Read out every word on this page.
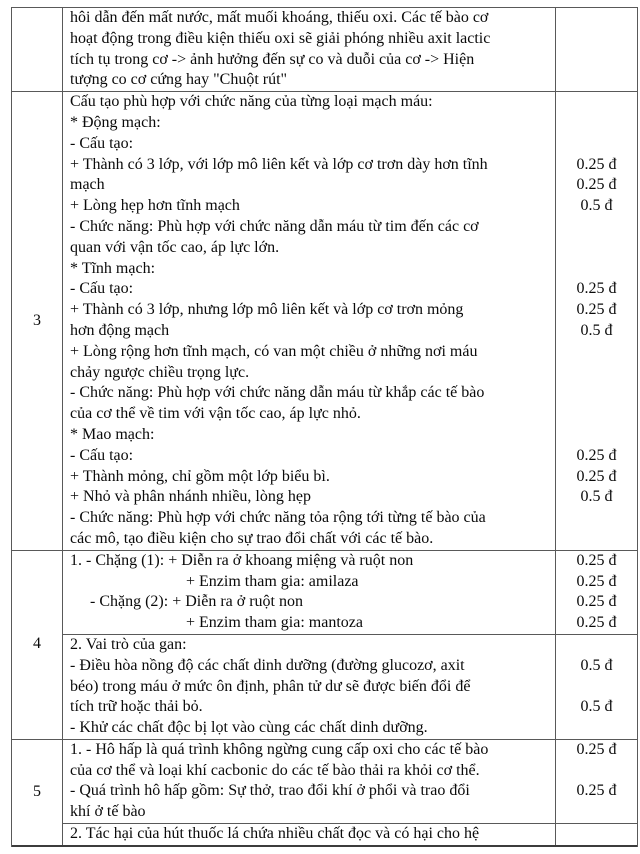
hôi dẫn đến mất nước, mất muối khoáng, thiếu oxi. Các tế bào cơ
hoạt động trong điều kiện thiếu oxi sẽ giải phóng nhiều axit lactic
tích tụ trong cơ -> ảnh hưởng đến sự co và duỗi của cơ -> Hiện
tượng co cơ cứng hay "Chuột rút"
3
Cấu tạo phù hợp với chức năng của từng loại mạch máu:
* Động mạch:
- Cấu tạo:
+ Thành có 3 lớp, với lớp mô liên kết và lớp cơ trơn dày hơn tĩnh	0.25 đ
mạch	0.25 đ
+ Lòng hẹp hơn tĩnh mạch	0.5 đ
- Chức năng: Phù hợp với chức năng dẫn máu từ tim đến các cơ
quan với vận tốc cao, áp lực lớn.
* Tĩnh mạch:
- Cấu tạo:	0.25 đ
+ Thành có 3 lớp, nhưng lớp mô liên kết và lớp cơ trơn mỏng	0.25 đ
hơn động mạch	0.5 đ
+ Lòng rộng hơn tĩnh mạch, có van một chiều ở những nơi máu
chảy ngược chiều trọng lực.
- Chức năng: Phù hợp với chức năng dẫn máu từ khắp các tế bào
của cơ thể về tim với vận tốc cao, áp lực nhỏ.
* Mao mạch:
- Cấu tạo:	0.25 đ
+ Thành mỏng, chỉ gồm một lớp biểu bì.	0.25 đ
+ Nhỏ và phân nhánh nhiều, lòng hẹp	0.5 đ
- Chức năng: Phù hợp với chức năng tỏa rộng tới từng tế bào của
các mô, tạo điều kiện cho sự trao đổi chất với các tế bào.
4
1. - Chặng (1): + Diễn ra ở khoang miệng và ruột non	0.25 đ
+ Enzim tham gia: amilaza	0.25 đ
- Chặng (2): + Diễn ra ở ruột non	0.25 đ
+ Enzim tham gia: mantoza	0.25 đ
2. Vai trò của gan:
- Điều hòa nồng độ các chất dinh dưỡng (đường glucozơ, axit	0.5 đ
béo) trong máu ở mức ôn định, phân tử dư sẽ được biến đổi để
tích trữ hoặc thải bỏ.	0.5 đ
- Khử các chất độc bị lọt vào cùng các chất dinh dưỡng.
5
1. - Hô hấp là quá trình không ngừng cung cấp oxi cho các tế bào	0.25 đ
của cơ thể và loại khí cacbonic do các tế bào thải ra khỏi cơ thể.
- Quá trình hô hấp gồm: Sự thở, trao đổi khí ở phổi và trao đổi	0.25 đ
khí ở tế bào
2. Tác hại của hút thuốc lá chứa nhiều chất đọc và có hại cho hệ
